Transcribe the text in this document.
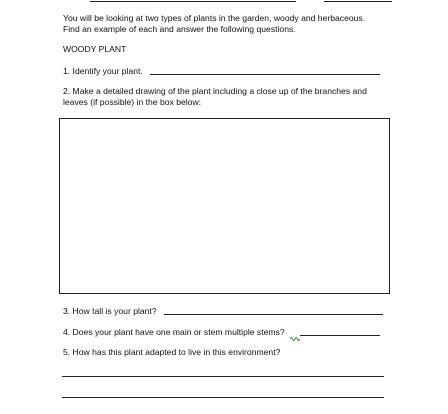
You will be looking at two types of plants in the garden, woody and herbaceous.
Find an example of each and answer the following questions.
WOODY PLANT
1. Identify your plant.
2. Make a detailed drawing of the plant including a close up of the branches and
leaves (if possible) in the box below:
3. How tall is your plant?
4. Does your plant have one main or stem multiple stems?
5. How has this plant adapted to live in this environment?
